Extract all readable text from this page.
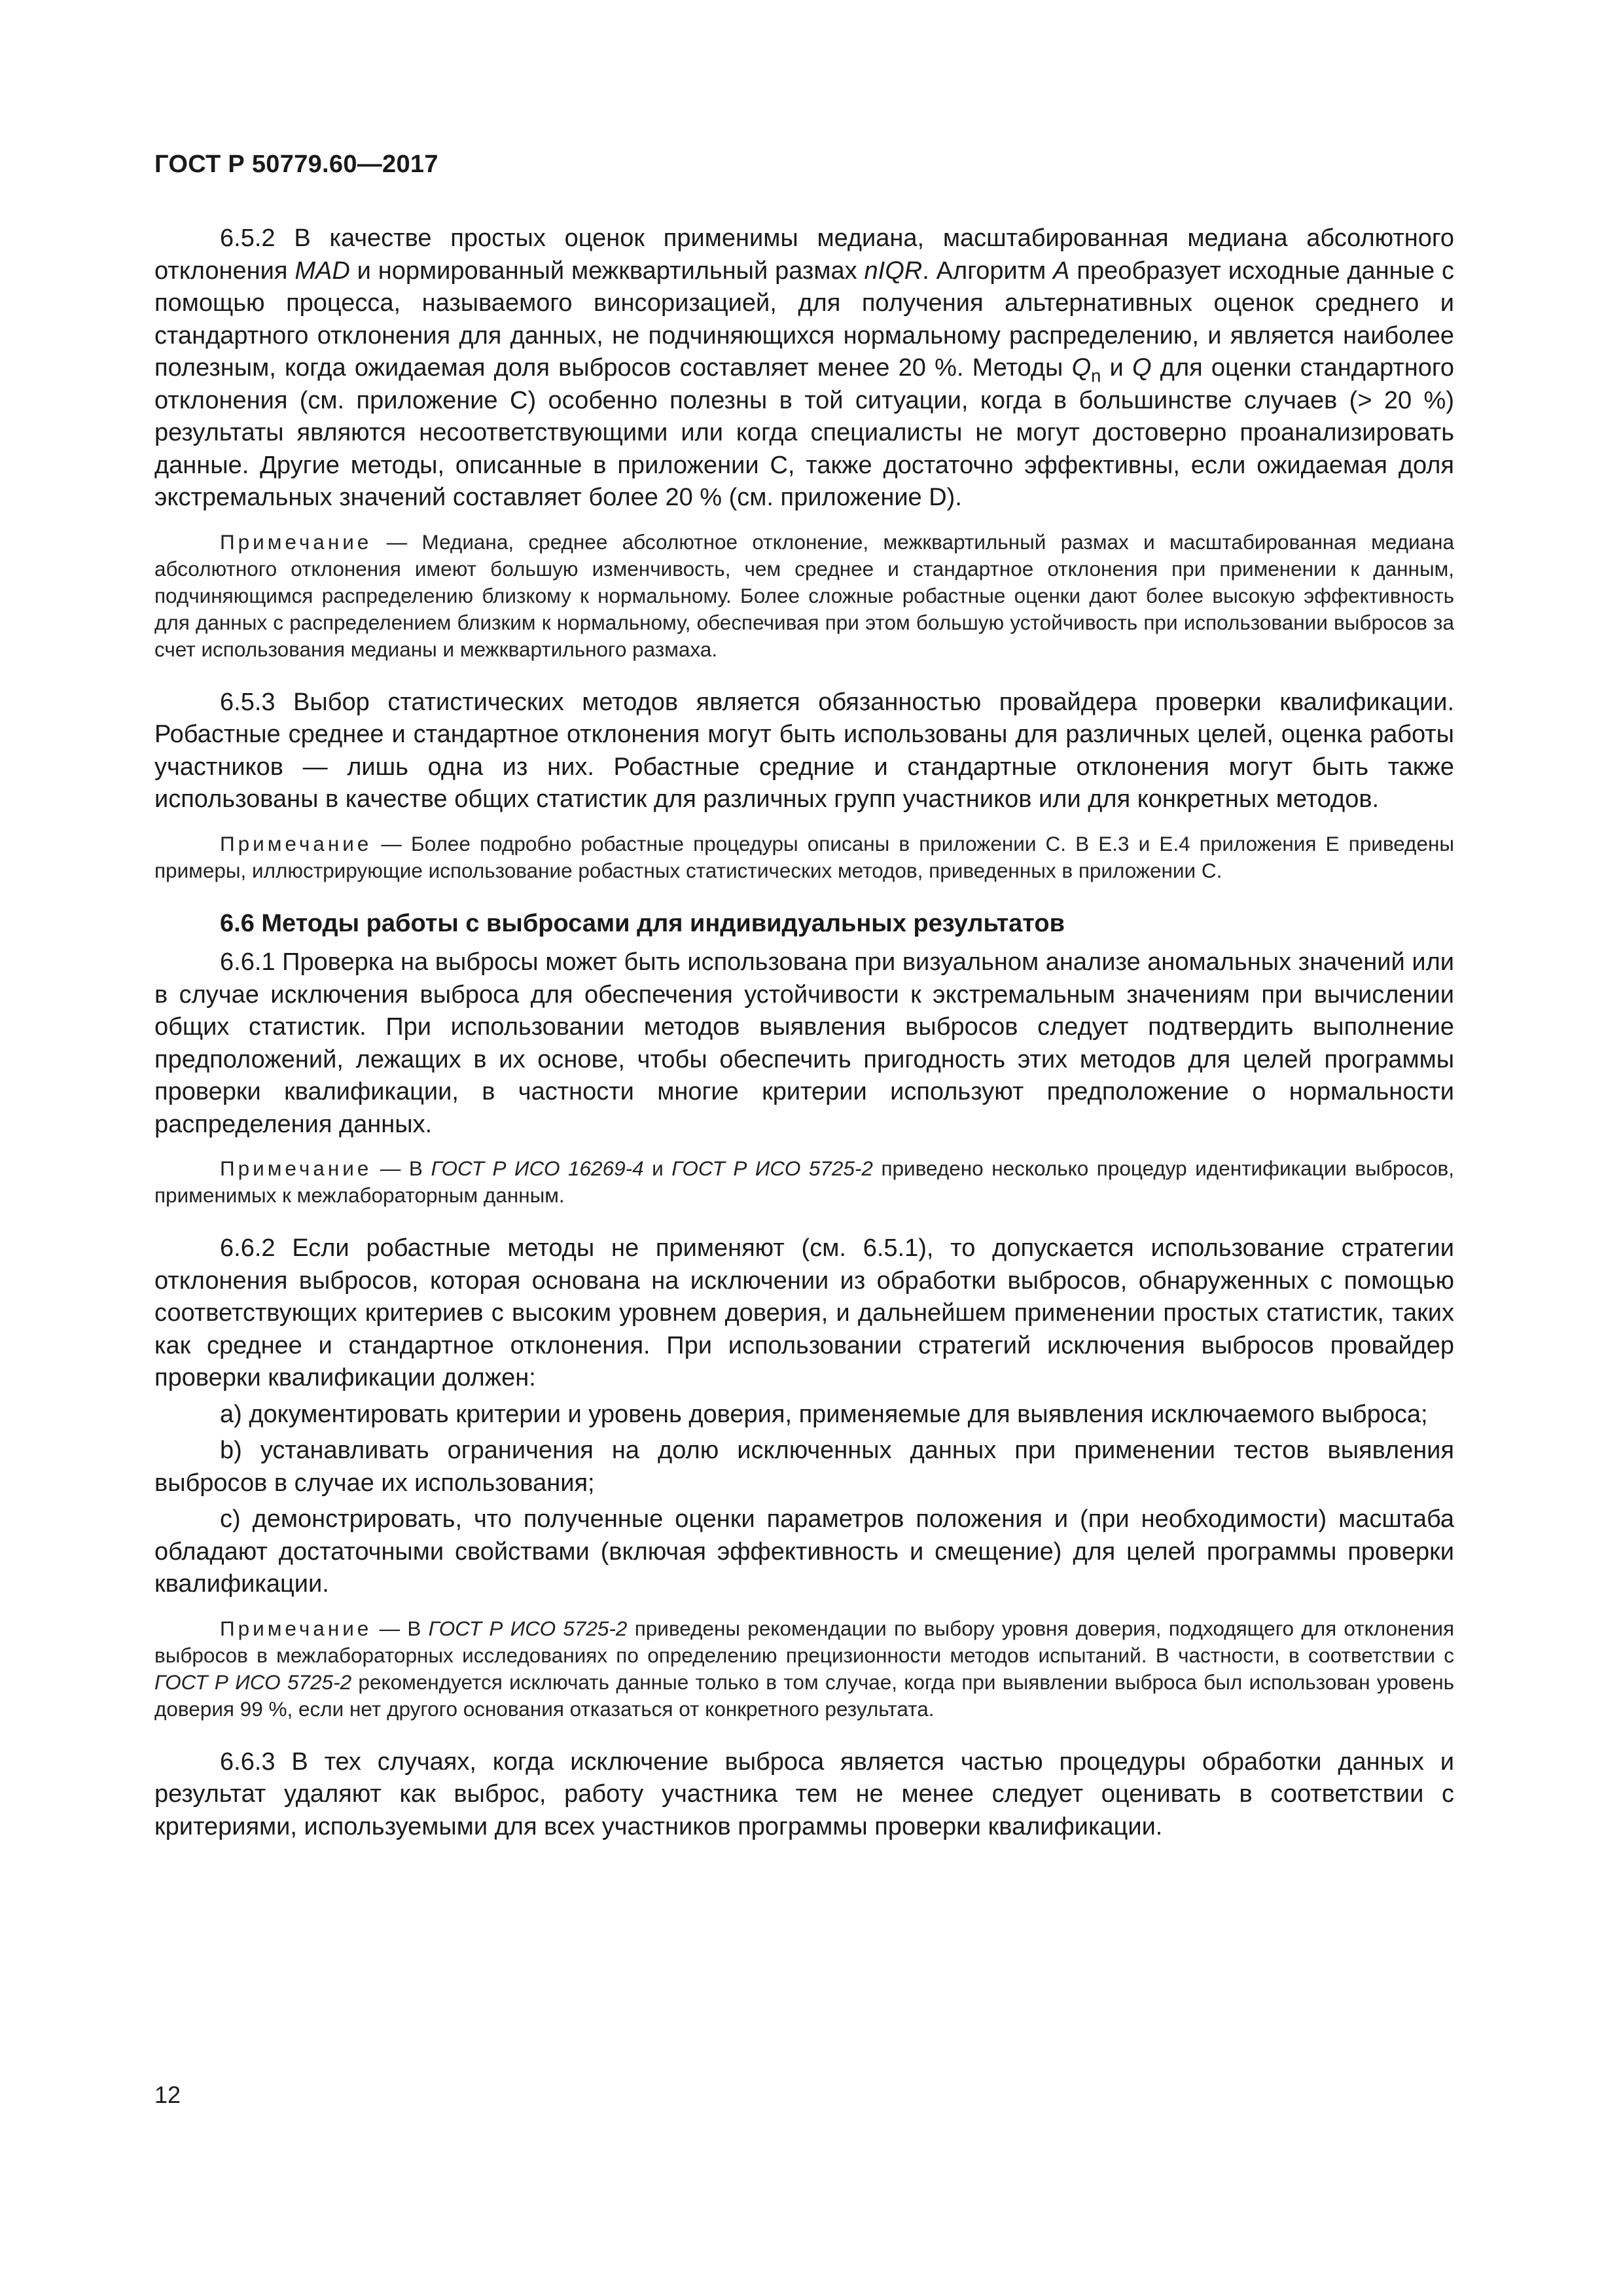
ГОСТ Р 50779.60—2017

6.5.2 В качестве простых оценок применимы медиана, масштабированная медиана абсолютного отклонения MAD и нормированный межквартильный размах nIQR. Алгоритм A преобразует исходные данные с помощью процесса, называемого винсоризацией, для получения альтернативных оценок среднего и стандартного отклонения для данных, не подчиняющихся нормальному распределению, и является наиболее полезным, когда ожидаемая доля выбросов составляет менее 20 %. Методы $Q_n$ и Q для оценки стандартного отклонения (см. приложение C) особенно полезны в той ситуации, когда в большинстве случаев (> 20 %) результаты являются несоответствующими или когда специалисты не могут достоверно проанализировать данные. Другие методы, описанные в приложении C, также достаточно эффективны, если ожидаемая доля экстремальных значений составляет более 20 % (см. приложение D).

Примечание — Медиана, среднее абсолютное отклонение, межквартильный размах и масштабированная медиана абсолютного отклонения имеют большую изменчивость, чем среднее и стандартное отклонения при применении к данным, подчиняющимся распределению близкому к нормальному. Более сложные робастные оценки дают более высокую эффективность для данных с распределением близким к нормальному, обеспечивая при этом большую устойчивость при использовании выбросов за счет использования медианы и межквартильного размаха.

6.5.3 Выбор статистических методов является обязанностью провайдера проверки квалификации. Робастные среднее и стандартное отклонения могут быть использованы для различных целей, оценка работы участников — лишь одна из них. Робастные средние и стандартные отклонения могут быть также использованы в качестве общих статистик для различных групп участников или для конкретных методов.

Примечание — Более подробно робастные процедуры описаны в приложении C. В E.3 и E.4 приложения E приведены примеры, иллюстрирующие использование робастных статистических методов, приведенных в приложении C.

6.6 Методы работы с выбросами для индивидуальных результатов

6.6.1 Проверка на выбросы может быть использована при визуальном анализе аномальных значений или в случае исключения выброса для обеспечения устойчивости к экстремальным значениям при вычислении общих статистик. При использовании методов выявления выбросов следует подтвердить выполнение предположений, лежащих в их основе, чтобы обеспечить пригодность этих методов для целей программы проверки квалификации, в частности многие критерии используют предположение о нормальности распределения данных.

Примечание — В ГОСТ Р ИСО 16269-4 и ГОСТ Р ИСО 5725-2 приведено несколько процедур идентификации выбросов, применимых к межлабораторным данным.

6.6.2 Если робастные методы не применяют (см. 6.5.1), то допускается использование стратегии отклонения выбросов, которая основана на исключении из обработки выбросов, обнаруженных с помощью соответствующих критериев с высоким уровнем доверия, и дальнейшем применении простых статистик, таких как среднее и стандартное отклонения. При использовании стратегий исключения выбросов провайдер проверки квалификации должен:

a) документировать критерии и уровень доверия, применяемые для выявления исключаемого выброса;

b) устанавливать ограничения на долю исключенных данных при применении тестов выявления выбросов в случае их использования;

c) демонстрировать, что полученные оценки параметров положения и (при необходимости) масштаба обладают достаточными свойствами (включая эффективность и смещение) для целей программы проверки квалификации.

Примечание — В ГОСТ Р ИСО 5725-2 приведены рекомендации по выбору уровня доверия, подходящего для отклонения выбросов в межлабораторных исследованиях по определению прецизионности методов испытаний. В частности, в соответствии с ГОСТ Р ИСО 5725-2 рекомендуется исключать данные только в том случае, когда при выявлении выброса был использован уровень доверия 99 %, если нет другого основания отказаться от конкретного результата.

6.6.3 В тех случаях, когда исключение выброса является частью процедуры обработки данных и результат удаляют как выброс, работу участника тем не менее следует оценивать в соответствии с критериями, используемыми для всех участников программы проверки квалификации.

12
